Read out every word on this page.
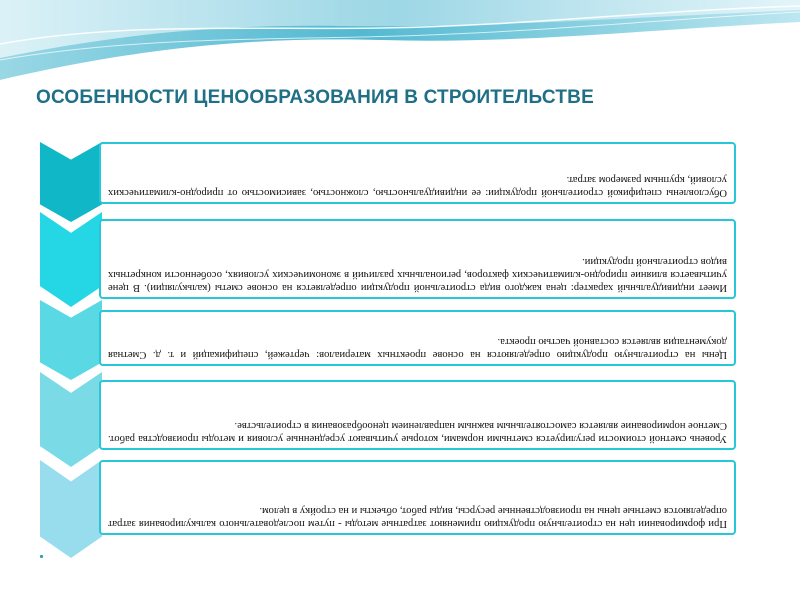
ОСОБЕННОСТИ ЦЕНООБРАЗОВАНИЯ В СТРОИТЕЛЬСТВЕ

Обусловлены спецификой строительной продукции: ее индивидуальностью, сложностью, зависимостью от природно-климатических условий, крупным размером затрат.

Имеет индивидуальный характер: цена каждого вида строительной продукции определяется на основе сметы (калькуляции). В цене учитывается влияние природно-климатических факторов, региональных различий в экономических условиях, особенности конкретных видов строительной продукции.

Цены на строительную продукцию определяются на основе проектных материалов: чертежей, спецификаций и т. д. Сметная документация является составной частью проекта.

Уровень сметной стоимости регулируется сметными нормами, которые учитывают усредненные условия и методы производства работ. Сметное нормирование является самостоятельным важным направлением ценообразования в строительстве.

При формировании цен на строительную продукцию применяют затратные методы - путем последовательного калькулирования затрат определяются сметные цены на производственные ресурсы, виды работ, объекты и на стройку в целом.
